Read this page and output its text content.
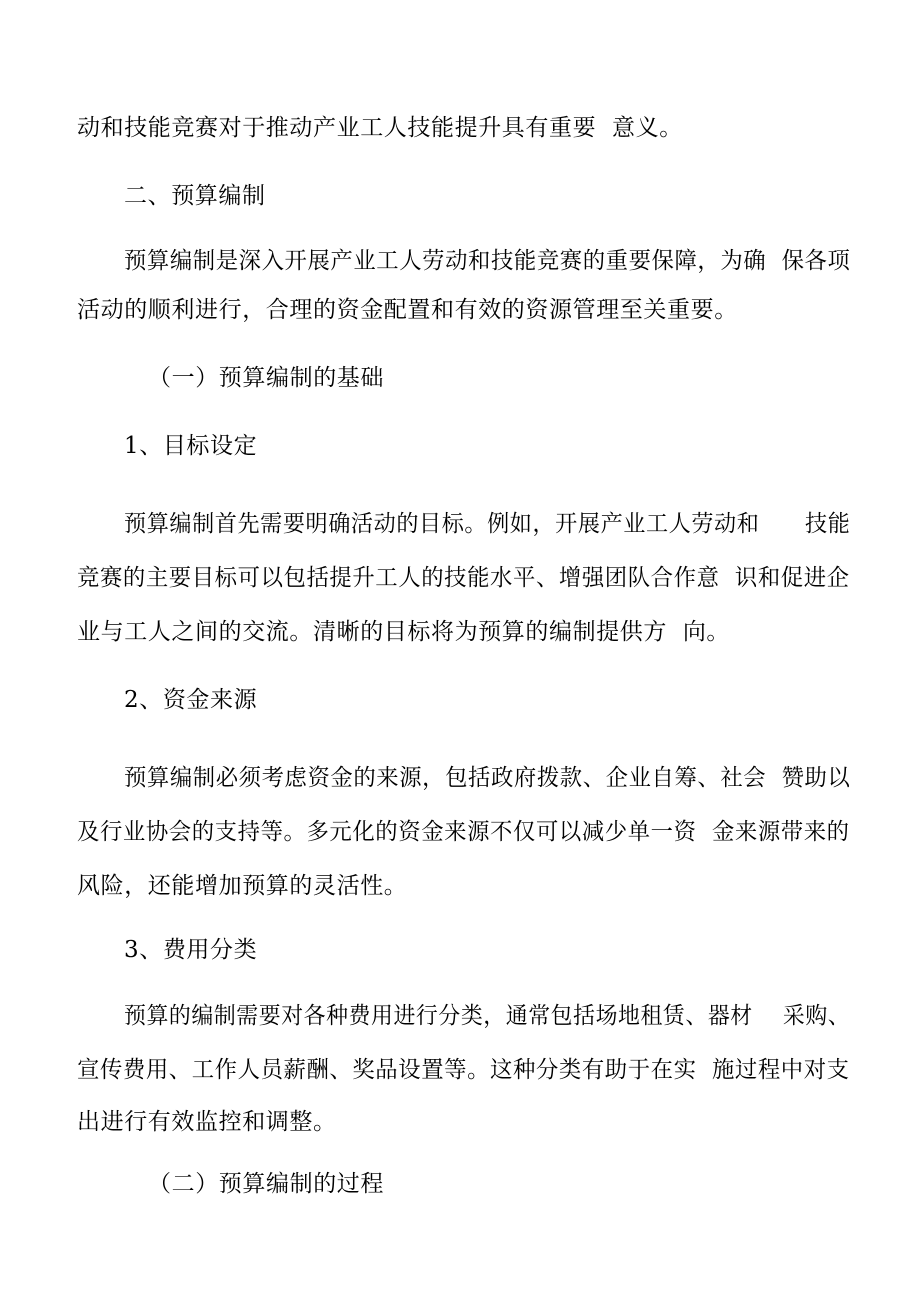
动和技能竞赛对于推动产业工人技能提升具有重要  意义。
二、预算编制
预算编制是深入开展产业工人劳动和技能竞赛的重要保障，为确  保各项
活动的顺利进行，合理的资金配置和有效的资源管理至关重要。
（一）预算编制的基础
1、目标设定
预算编制首先需要明确活动的目标。例如，开展产业工人劳动和      技能
竞赛的主要目标可以包括提升工人的技能水平、增强团队合作意  识和促进企
业与工人之间的交流。清晰的目标将为预算的编制提供方  向。
2、资金来源
预算编制必须考虑资金的来源，包括政府拨款、企业自筹、社会  赞助以
及行业协会的支持等。多元化的资金来源不仅可以减少单一资  金来源带来的
风险，还能增加预算的灵活性。
3、费用分类
预算的编制需要对各种费用进行分类，通常包括场地租赁、器材    采购、
宣传费用、工作人员薪酬、奖品设置等。这种分类有助于在实  施过程中对支
出进行有效监控和调整。
（二）预算编制的过程
